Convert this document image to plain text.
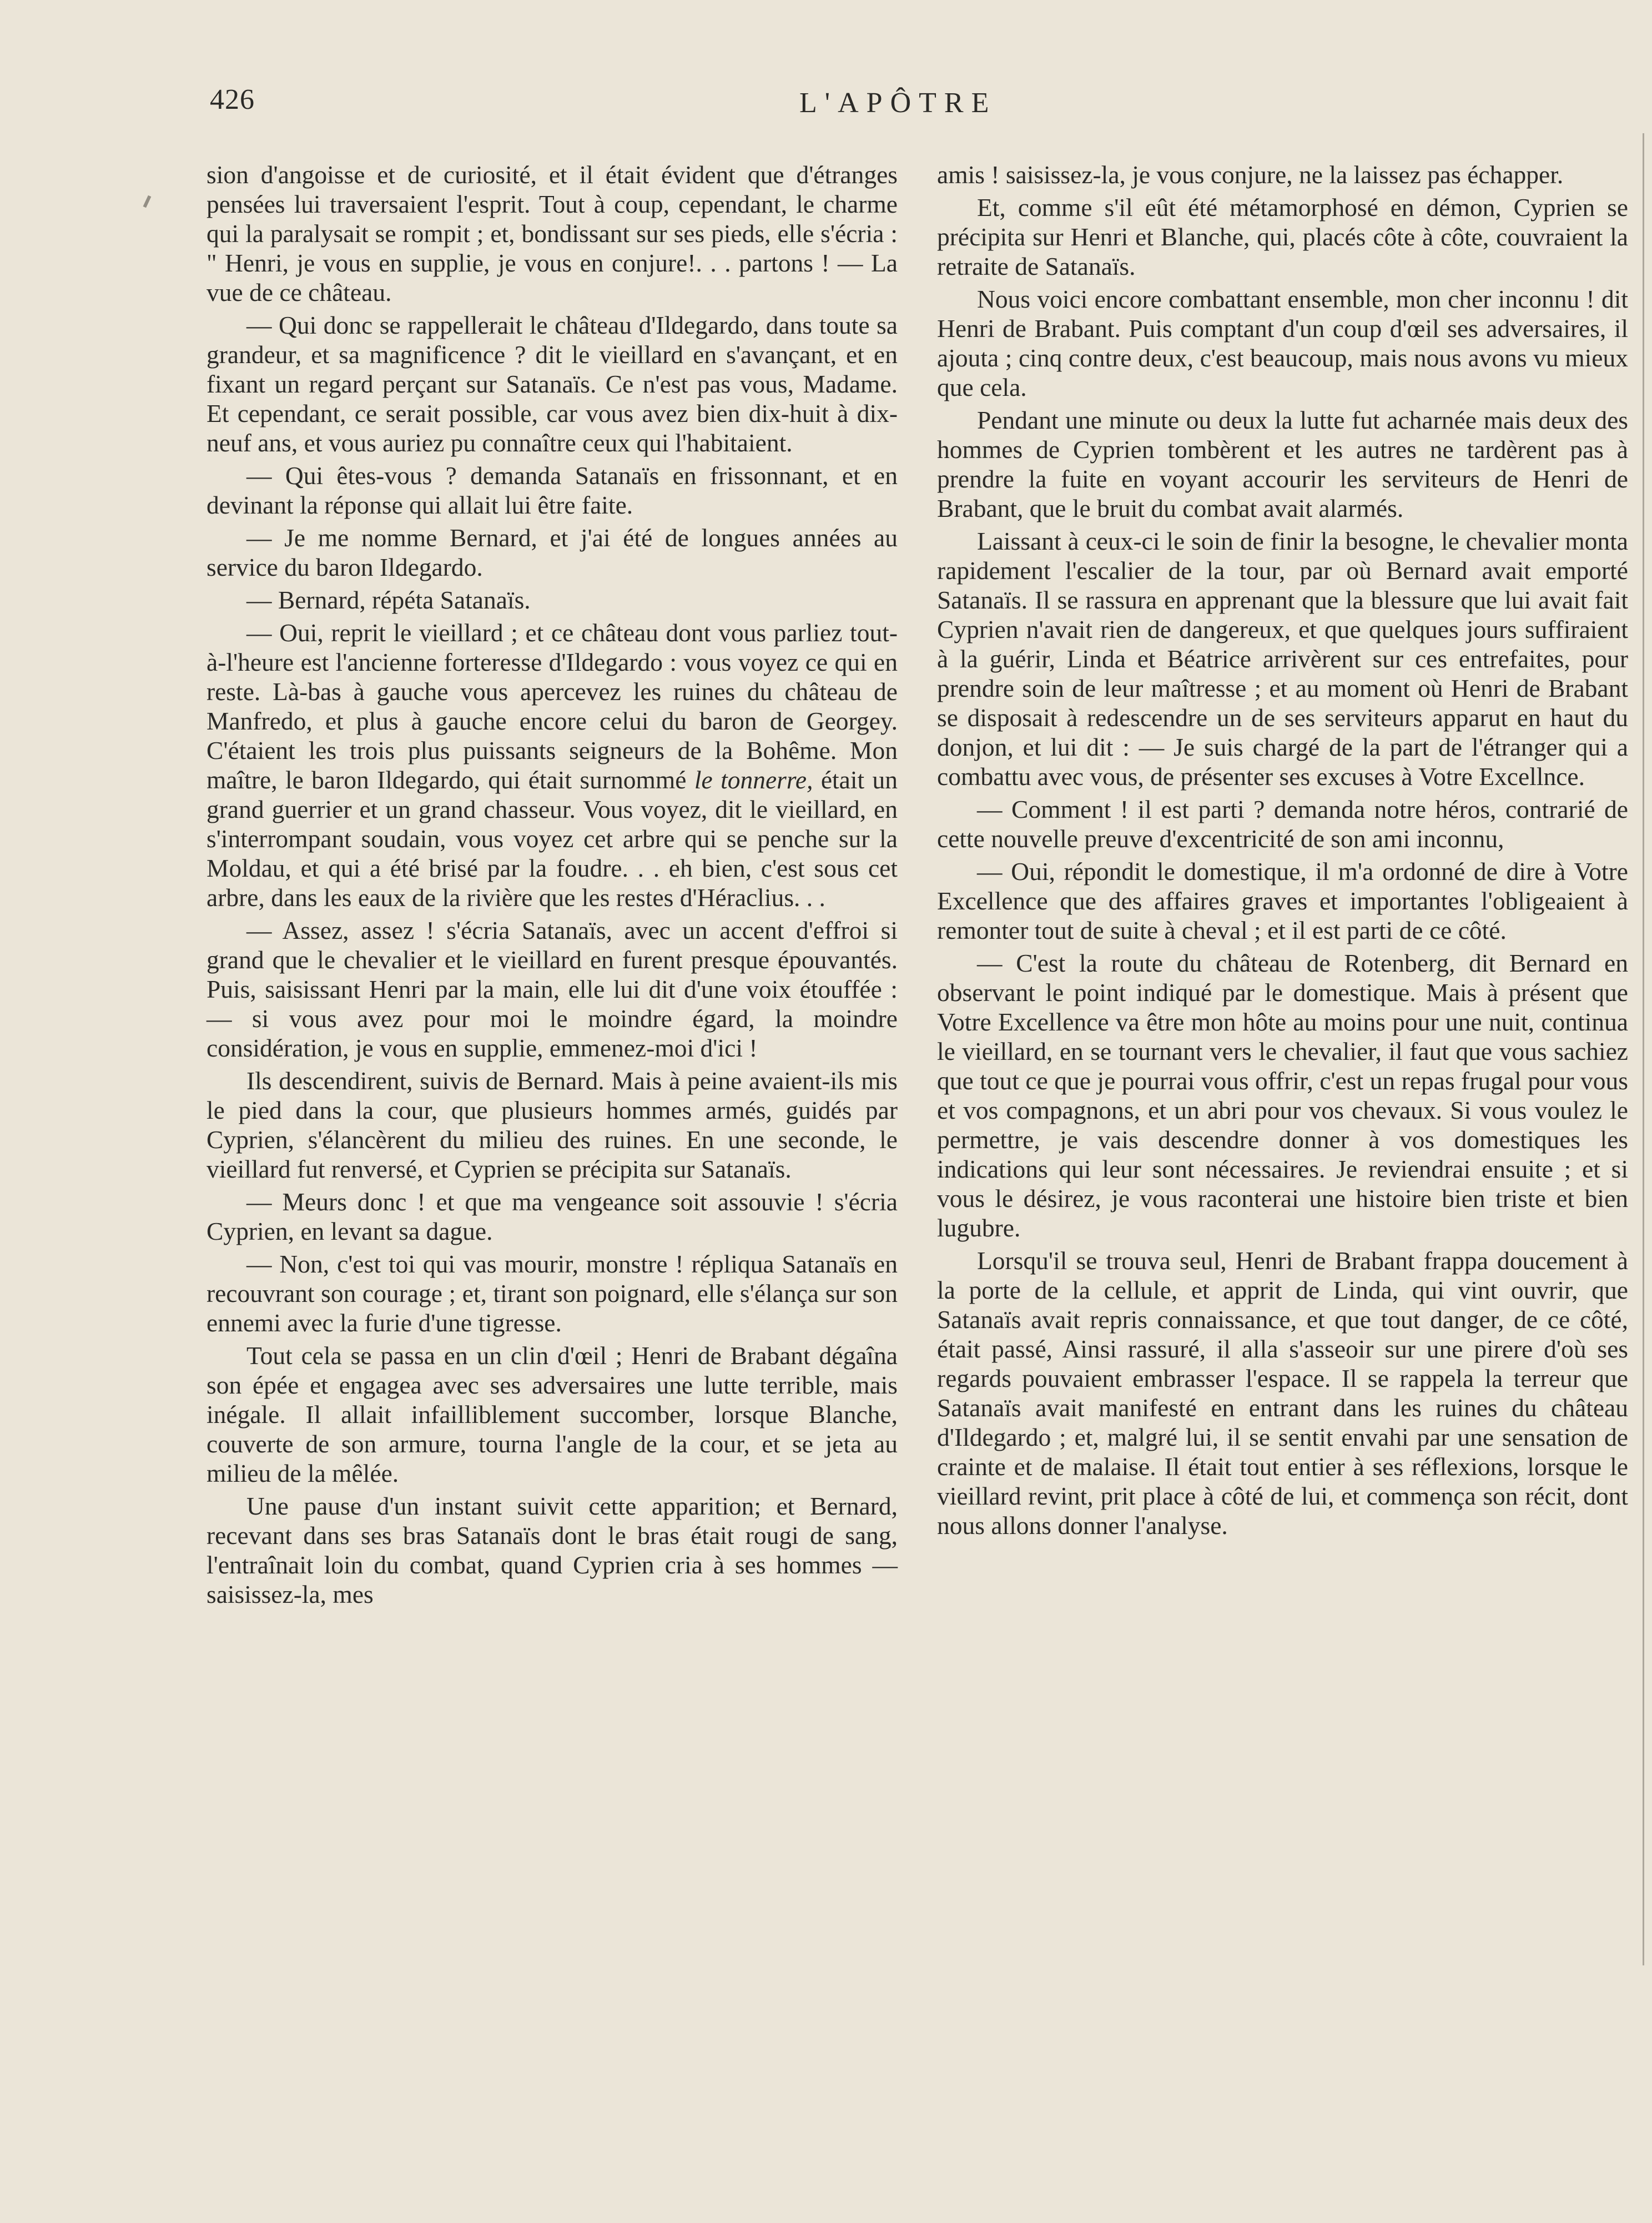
426	L'APÔTRE

sion d'angoisse et de curiosité, et il était évident que d'étranges pensées lui traversaient l'esprit. Tout à coup, cependant, le charme qui la paralysait se rompit ; et, bondissant sur ses pieds, elle s'écria : " Henri, je vous en supplie, je vous en conjure!. . . partons ! — La vue de ce château.

— Qui donc se rappellerait le château d'Ildegardo, dans toute sa grandeur, et sa magnificence ? dit le vieillard en s'avançant, et en fixant un regard perçant sur Satanaïs. Ce n'est pas vous, Madame. Et cependant, ce serait possible, car vous avez bien dix-huit à dix-neuf ans, et vous auriez pu connaître ceux qui l'habitaient.

— Qui êtes-vous ? demanda Satanaïs en frissonnant, et en devinant la réponse qui allait lui être faite.

— Je me nomme Bernard, et j'ai été de longues années au service du baron Ildegardo.

— Bernard, répéta Satanaïs.

— Oui, reprit le vieillard ; et ce château dont vous parliez tout-à-l'heure est l'ancienne forteresse d'Ildegardo : vous voyez ce qui en reste. Là-bas à gauche vous apercevez les ruines du château de Manfredo, et plus à gauche encore celui du baron de Georgey. C'étaient les trois plus puissants seigneurs de la Bohême. Mon maître, le baron Ildegardo, qui était surnommé le tonnerre, était un grand guerrier et un grand chasseur. Vous voyez, dit le vieillard, en s'interrompant soudain, vous voyez cet arbre qui se penche sur la Moldau, et qui a été brisé par la foudre. . . eh bien, c'est sous cet arbre, dans les eaux de la rivière que les restes d'Héraclius. . .

— Assez, assez ! s'écria Satanaïs, avec un accent d'effroi si grand que le chevalier et le vieillard en furent presque épouvantés. Puis, saisissant Henri par la main, elle lui dit d'une voix étouffée : — si vous avez pour moi le moindre égard, la moindre considération, je vous en supplie, emmenez-moi d'ici !

Ils descendirent, suivis de Bernard. Mais à peine avaient-ils mis le pied dans la cour, que plusieurs hommes armés, guidés par Cyprien, s'élancèrent du milieu des ruines. En une seconde, le vieillard fut renversé, et Cyprien se précipita sur Satanaïs.

— Meurs donc ! et que ma vengeance soit assouvie ! s'écria Cyprien, en levant sa dague.

— Non, c'est toi qui vas mourir, monstre ! répliqua Satanaïs en recouvrant son courage ; et, tirant son poignard, elle s'élança sur son ennemi avec la furie d'une tigresse.

Tout cela se passa en un clin d'œil ; Henri de Brabant dégaîna son épée et engagea avec ses adversaires une lutte terrible, mais inégale. Il allait infailliblement succomber, lorsque Blanche, couverte de son armure, tourna l'angle de la cour, et se jeta au milieu de la mêlée.

Une pause d'un instant suivit cette apparition; et Bernard, recevant dans ses bras Satanaïs dont le bras était rougi de sang, l'entraînait loin du combat, quand Cyprien cria à ses hommes — saisissez-la, mes

amis ! saisissez-la, je vous conjure, ne la laissez pas échapper.

Et, comme s'il eût été métamorphosé en démon, Cyprien se précipita sur Henri et Blanche, qui, placés côte à côte, couvraient la retraite de Satanaïs.

Nous voici encore combattant ensemble, mon cher inconnu ! dit Henri de Brabant. Puis comptant d'un coup d'œil ses adversaires, il ajouta ; cinq contre deux, c'est beaucoup, mais nous avons vu mieux que cela.

Pendant une minute ou deux la lutte fut acharnée mais deux des hommes de Cyprien tombèrent et les autres ne tardèrent pas à prendre la fuite en voyant accourir les serviteurs de Henri de Brabant, que le bruit du combat avait alarmés.

Laissant à ceux-ci le soin de finir la besogne, le chevalier monta rapidement l'escalier de la tour, par où Bernard avait emporté Satanaïs. Il se rassura en apprenant que la blessure que lui avait fait Cyprien n'avait rien de dangereux, et que quelques jours suffiraient à la guérir, Linda et Béatrice arrivèrent sur ces entrefaites, pour prendre soin de leur maîtresse ; et au moment où Henri de Brabant se disposait à redescendre un de ses serviteurs apparut en haut du donjon, et lui dit : — Je suis chargé de la part de l'étranger qui a combattu avec vous, de présenter ses excuses à Votre Excellnce.

— Comment ! il est parti ? demanda notre héros, contrarié de cette nouvelle preuve d'excentricité de son ami inconnu,

— Oui, répondit le domestique, il m'a ordonné de dire à Votre Excellence que des affaires graves et importantes l'obligeaient à remonter tout de suite à cheval ; et il est parti de ce côté.

— C'est la route du château de Rotenberg, dit Bernard en observant le point indiqué par le domestique. Mais à présent que Votre Excellence va être mon hôte au moins pour une nuit, continua le vieillard, en se tournant vers le chevalier, il faut que vous sachiez que tout ce que je pourrai vous offrir, c'est un repas frugal pour vous et vos compagnons, et un abri pour vos chevaux. Si vous voulez le permettre, je vais descendre donner à vos domestiques les indications qui leur sont nécessaires. Je reviendrai ensuite ; et si vous le désirez, je vous raconterai une histoire bien triste et bien lugubre.

Lorsqu'il se trouva seul, Henri de Brabant frappa doucement à la porte de la cellule, et apprit de Linda, qui vint ouvrir, que Satanaïs avait repris connaissance, et que tout danger, de ce côté, était passé, Ainsi rassuré, il alla s'asseoir sur une pirere d'où ses regards pouvaient embrasser l'espace. Il se rappela la terreur que Satanaïs avait manifesté en entrant dans les ruines du château d'Ildegardo ; et, malgré lui, il se sentit envahi par une sensation de crainte et de malaise. Il était tout entier à ses réflexions, lorsque le vieillard revint, prit place à côté de lui, et commença son récit, dont nous allons donner l'analyse.
